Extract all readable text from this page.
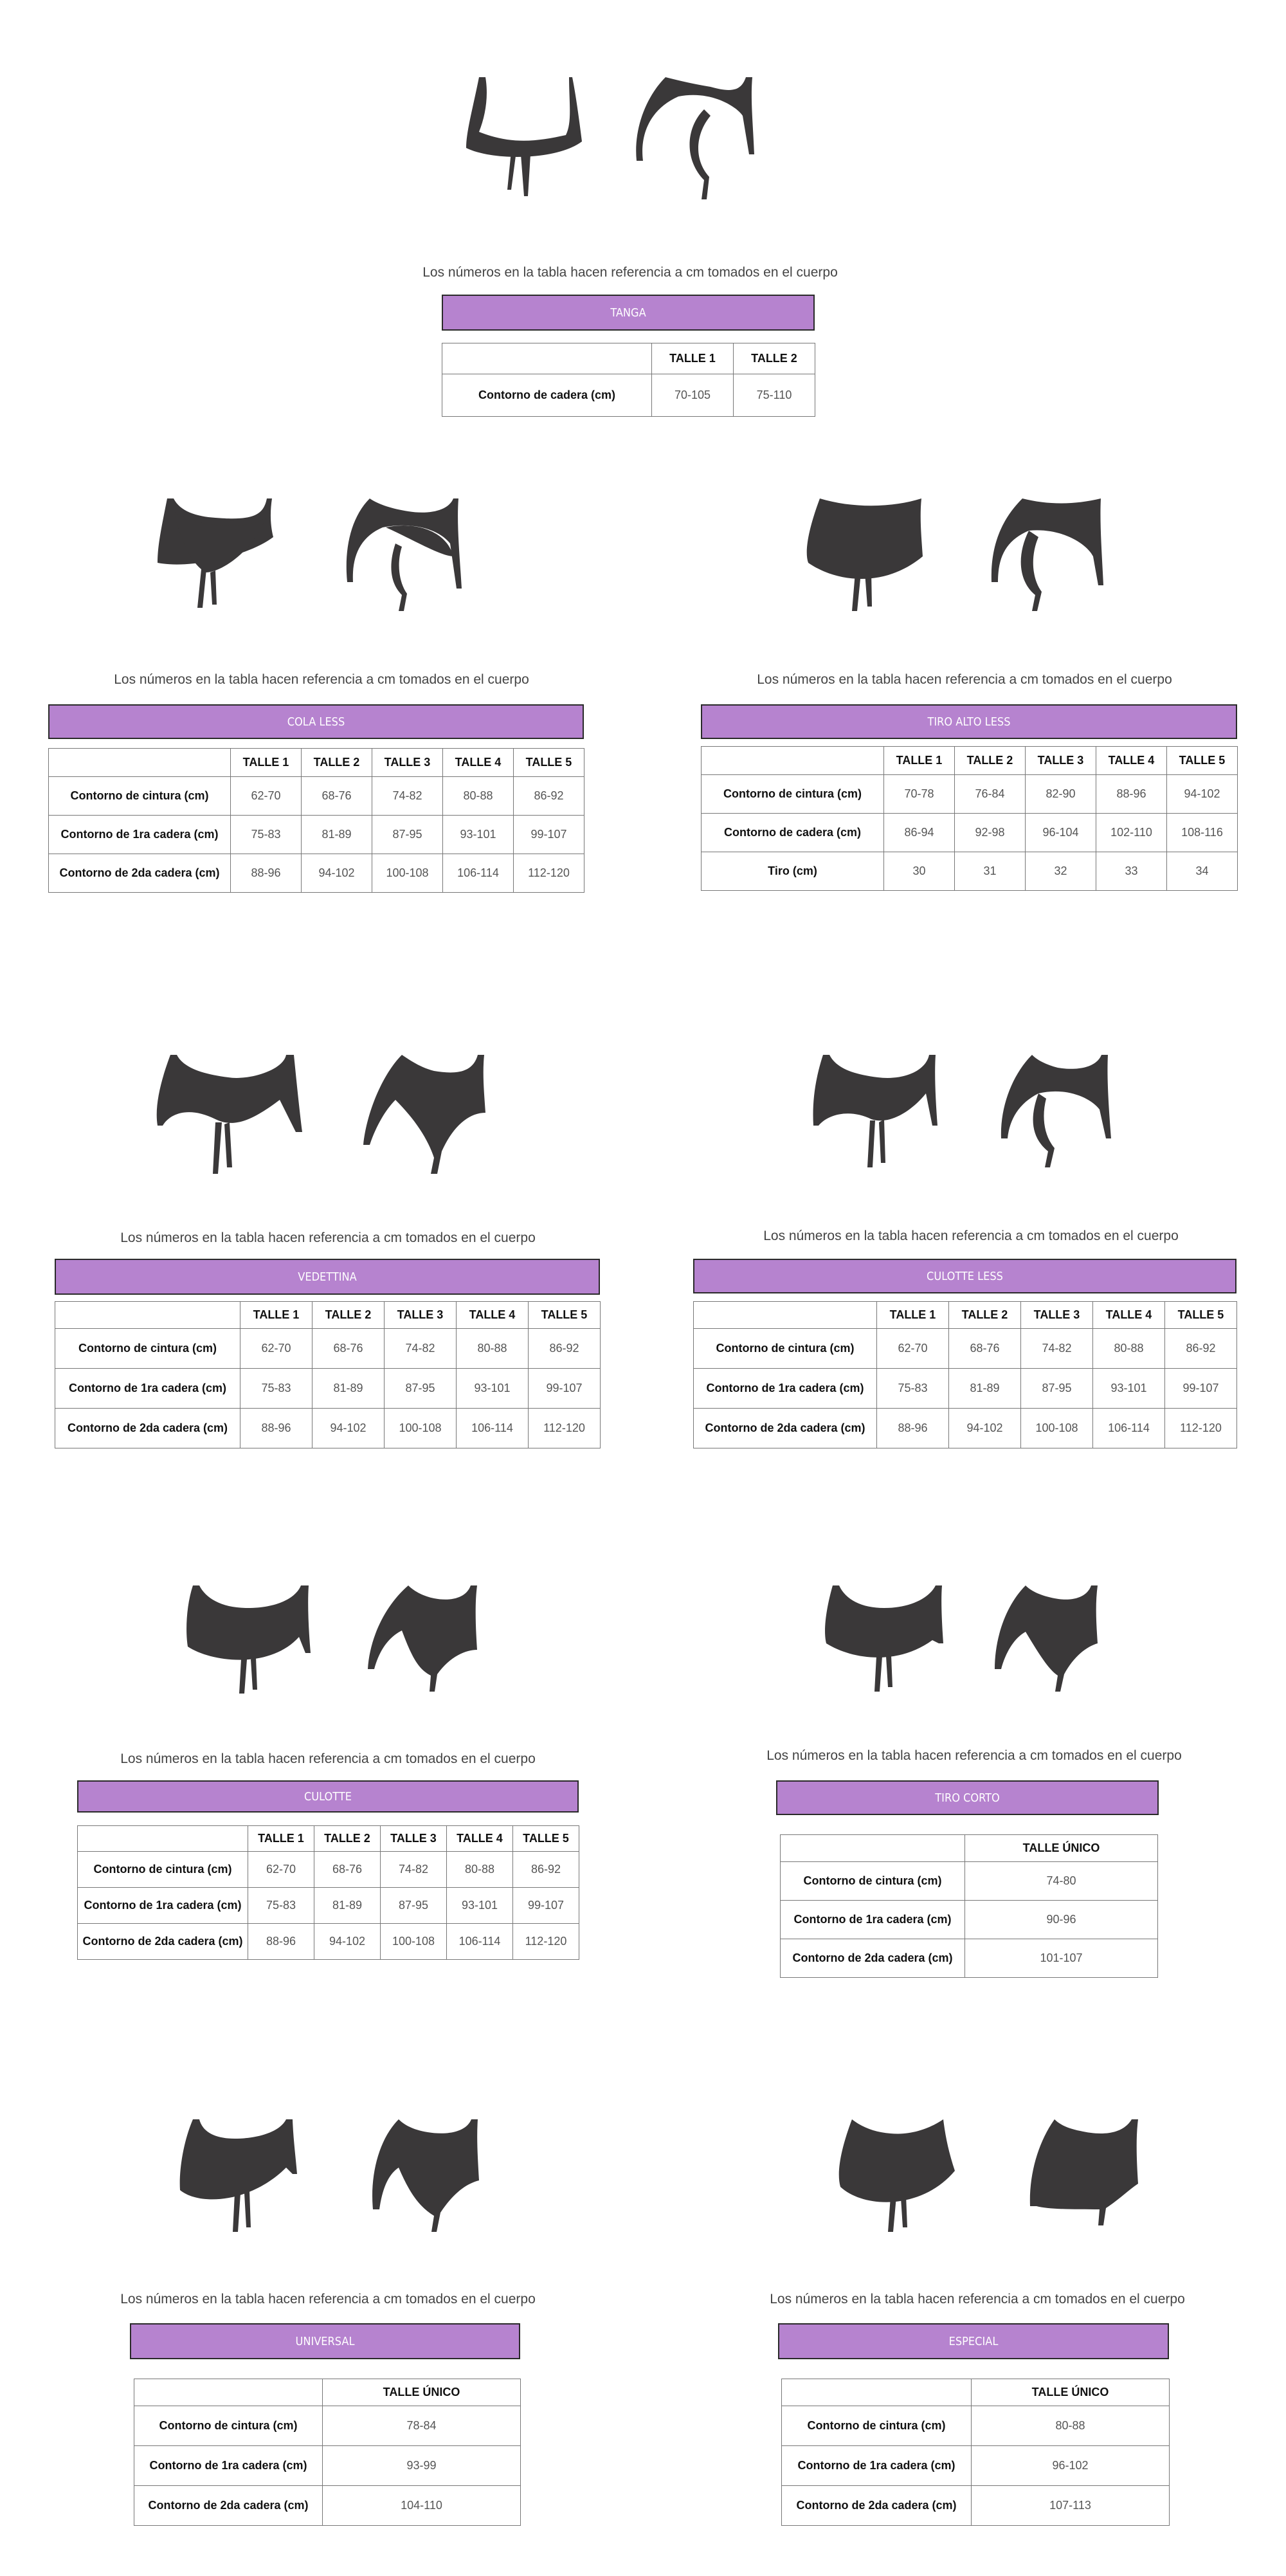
Los números en la tabla hacen referencia a cm tomados en el cuerpo
TANGA
	TALLE 1	TALLE 2
Contorno de cadera (cm)	70-105	75-110
Los números en la tabla hacen referencia a cm tomados en el cuerpo
COLA LESS
	TALLE 1	TALLE 2	TALLE 3	TALLE 4	TALLE 5
Contorno de cintura (cm)	62-70	68-76	74-82	80-88	86-92
Contorno de 1ra cadera (cm)	75-83	81-89	87-95	93-101	99-107
Contorno de 2da cadera (cm)	88-96	94-102	100-108	106-114	112-120
Los números en la tabla hacen referencia a cm tomados en el cuerpo
TIRO ALTO LESS
	TALLE 1	TALLE 2	TALLE 3	TALLE 4	TALLE 5
Contorno de cintura (cm)	70-78	76-84	82-90	88-96	94-102
Contorno de cadera (cm)	86-94	92-98	96-104	102-110	108-116
Tiro (cm)	30	31	32	33	34
Los números en la tabla hacen referencia a cm tomados en el cuerpo
VEDETTINA
	TALLE 1	TALLE 2	TALLE 3	TALLE 4	TALLE 5
Contorno de cintura (cm)	62-70	68-76	74-82	80-88	86-92
Contorno de 1ra cadera (cm)	75-83	81-89	87-95	93-101	99-107
Contorno de 2da cadera (cm)	88-96	94-102	100-108	106-114	112-120
Los números en la tabla hacen referencia a cm tomados en el cuerpo
CULOTTE LESS
	TALLE 1	TALLE 2	TALLE 3	TALLE 4	TALLE 5
Contorno de cintura (cm)	62-70	68-76	74-82	80-88	86-92
Contorno de 1ra cadera (cm)	75-83	81-89	87-95	93-101	99-107
Contorno de 2da cadera (cm)	88-96	94-102	100-108	106-114	112-120
Los números en la tabla hacen referencia a cm tomados en el cuerpo
CULOTTE
	TALLE 1	TALLE 2	TALLE 3	TALLE 4	TALLE 5
Contorno de cintura (cm)	62-70	68-76	74-82	80-88	86-92
Contorno de 1ra cadera (cm)	75-83	81-89	87-95	93-101	99-107
Contorno de 2da cadera (cm)	88-96	94-102	100-108	106-114	112-120
Los números en la tabla hacen referencia a cm tomados en el cuerpo
TIRO CORTO
	TALLE ÚNICO
Contorno de cintura (cm)	74-80
Contorno de 1ra cadera (cm)	90-96
Contorno de 2da cadera (cm)	101-107
Los números en la tabla hacen referencia a cm tomados en el cuerpo
UNIVERSAL
	TALLE ÚNICO
Contorno de cintura (cm)	78-84
Contorno de 1ra cadera (cm)	93-99
Contorno de 2da cadera (cm)	104-110
Los números en la tabla hacen referencia a cm tomados en el cuerpo
ESPECIAL
	TALLE ÚNICO
Contorno de cintura (cm)	80-88
Contorno de 1ra cadera (cm)	96-102
Contorno de 2da cadera (cm)	107-113
